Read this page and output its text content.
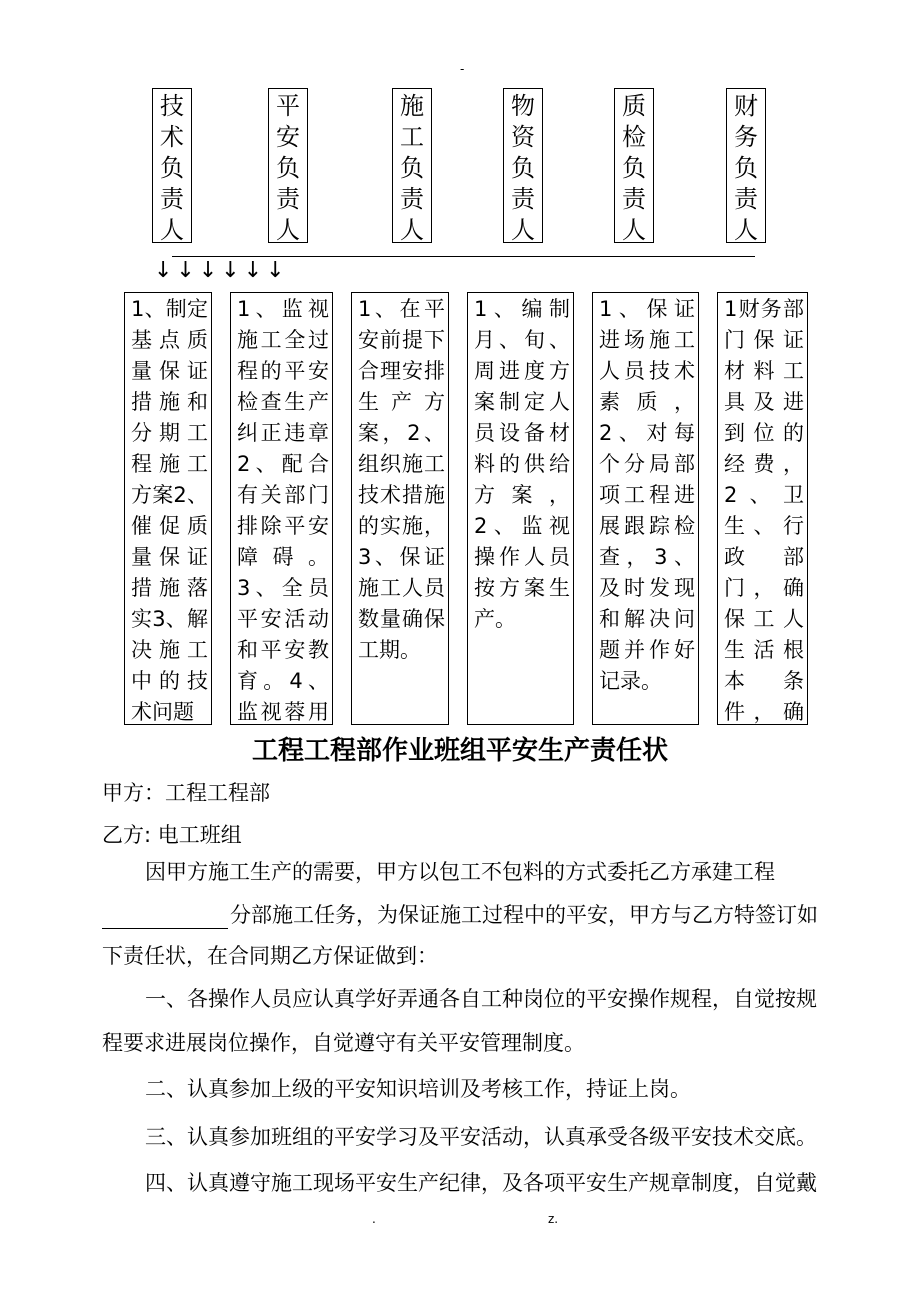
-
技
术
负
责
人
平
安
负
责
人
施
工
负
责
人
物
资
负
责
人
质
检
负
责
人
财
务
负
责
人
↓↓↓↓↓↓

1、制定基点质量保证措施和分期工程施工方案2、催促质量保证措施落实3、解决施工中的技术问题

1、监视施工全过程的平安检查生产纠正违章2、配合有关部门排除平安障碍。3、全员平安活动和平安教育。4、监视蓉用

1、在平安前提下合理安排生产方案，2、组织施工技术措施的实施，3、保证施工人员数量确保工期。

1、编制月、旬、周进度方案制定人员设备材料的供给方案，2、监视操作人员按方案生产。

1、保证进场施工人员技术素质，2、对每个分局部项工程进展跟踪检查，3、及时发现和解决问题并作好记录。

1财务部门保证材料工具及进到位的经费，2、卫生、行政部门，确保工人生活根本条件，确

工程工程部作业班组平安生产责任状
甲方：工程工程部
乙方: 电工班组
因甲方施工生产的需要，甲方以包工不包料的方式委托乙方承建工程
分部施工任务，为保证施工过程中的平安，甲方与乙方特签订如
下责任状，在合同期乙方保证做到：
一、各操作人员应认真学好弄通各自工种岗位的平安操作规程，自觉按规
程要求进展岗位操作，自觉遵守有关平安管理制度。
二、认真参加上级的平安知识培训及考核工作，持证上岗。
三、认真参加班组的平安学习及平安活动，认真承受各级平安技术交底。
四、认真遵守施工现场平安生产纪律，及各项平安生产规章制度，自觉戴
.	z.
